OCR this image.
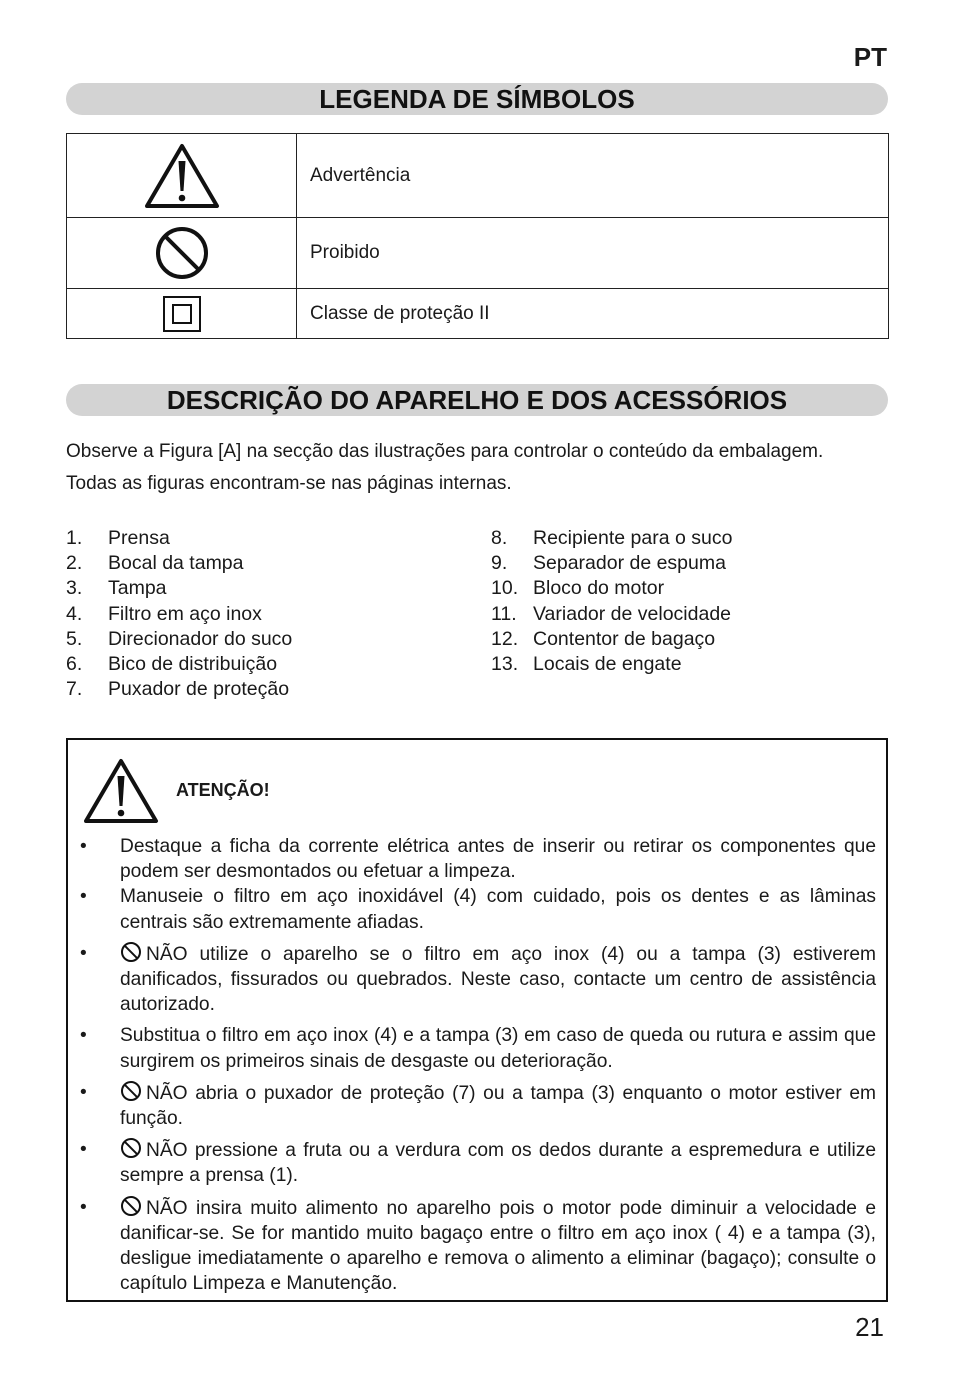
PT
LEGENDA DE SÍMBOLOS
	Advertência
	Proibido
	Classe de proteção II
DESCRIÇÃO DO APARELHO E DOS ACESSÓRIOS
Observe a Figura [A] na secção das ilustrações para controlar o conteúdo da embalagem.
Todas as figuras encontram-se nas páginas internas.
1.	Prensa
2.	Bocal da tampa
3.	Tampa
4.	Filtro em aço inox
5.	Direcionador do suco
6.	Bico de distribuição
7.	Puxador de proteção
8.	Recipiente para o suco
9.	Separador de espuma
10. Bloco do motor
11. Variador de velocidade
12. Contentor de bagaço
13. Locais de engate
ATENÇÃO!
•	Destaque a ficha da corrente elétrica antes de inserir ou retirar os componentes que podem ser desmontados ou efetuar a limpeza.
•	Manuseie o filtro em aço inoxidável (4) com cuidado, pois os dentes e as lâminas centrais são extremamente afiadas.
•	NÃO utilize o aparelho se o filtro em aço inox (4) ou a tampa (3) estiverem danificados, fissurados ou quebrados. Neste caso, contacte um centro de assistência autorizado.
•	Substitua o filtro em aço inox (4) e a tampa (3) em caso de queda ou rutura e assim que surgirem os primeiros sinais de desgaste ou deterioração.
•	NÃO abria o puxador de proteção (7) ou a tampa (3) enquanto o motor estiver em função.
•	NÃO pressione a fruta ou a verdura com os dedos durante a espremedura e utilize sempre a prensa (1).
•	NÃO insira muito alimento no aparelho pois o motor pode diminuir a velocidade e danificar-se. Se for mantido muito bagaço entre o filtro em aço inox ( 4) e a tampa (3), desligue imediatamente o aparelho e remova o alimento a eliminar (bagaço); consulte o capítulo Limpeza e Manutenção.
21
